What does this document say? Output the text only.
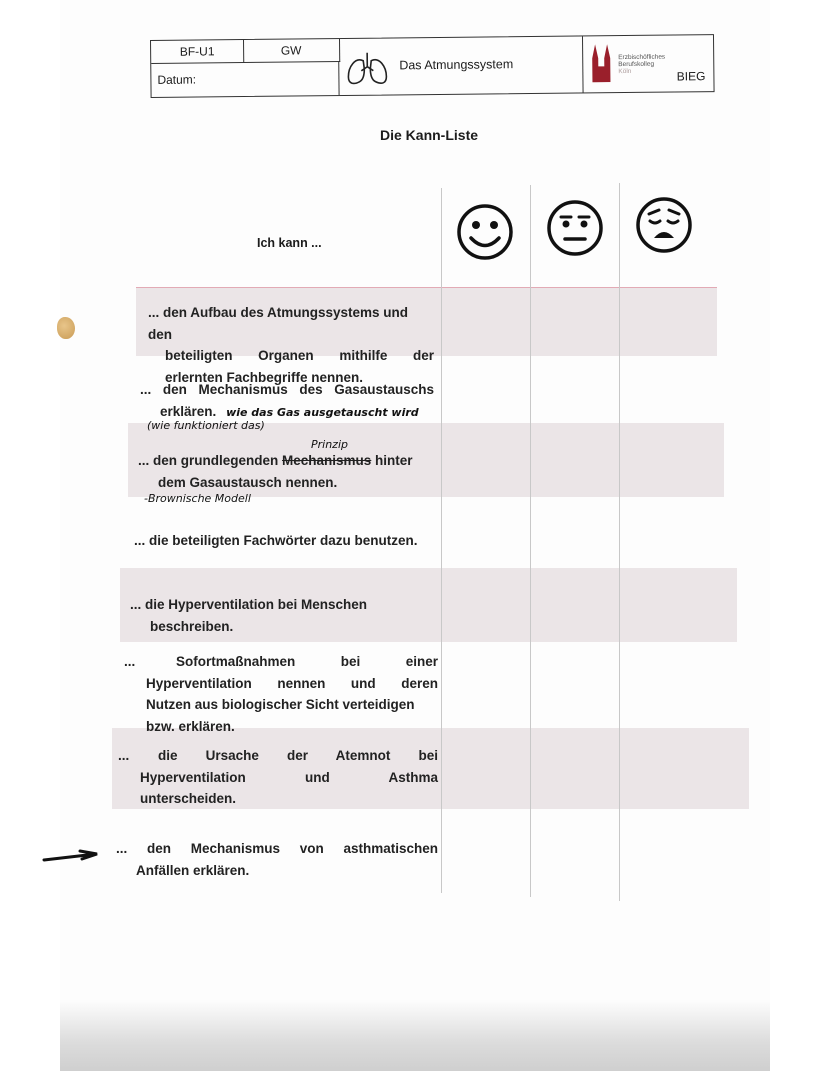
BF-U1	GW
Datum:
Das Atmungssystem	Erzbischöfliches
Berufskolleg
Köln	BIEG
Die Kann-Liste
Ich kann ...
... den Aufbau des Atmungssystems und den
beteiligten Organen mithilfe der
erlernten Fachbegriffe nennen.
... den Mechanismus des Gasaustauschs
erklären. wie das Gas ausgetauscht wird
(wie funktioniert das)
Prinzip
... den grundlegenden Mechanismus hinter
dem Gasaustausch nennen.
-Brownische Modell
... die beteiligten Fachwörter dazu benutzen.
... die Hyperventilation bei Menschen
beschreiben.
...	Sofortmaßnahmen bei einer
Hyperventilation nennen und deren
Nutzen aus biologischer Sicht verteidigen
bzw. erklären.
...	die Ursache der Atemnot bei
Hyperventilation und Asthma
unterscheiden.
... den Mechanismus von asthmatischen
Anfällen erklären.
